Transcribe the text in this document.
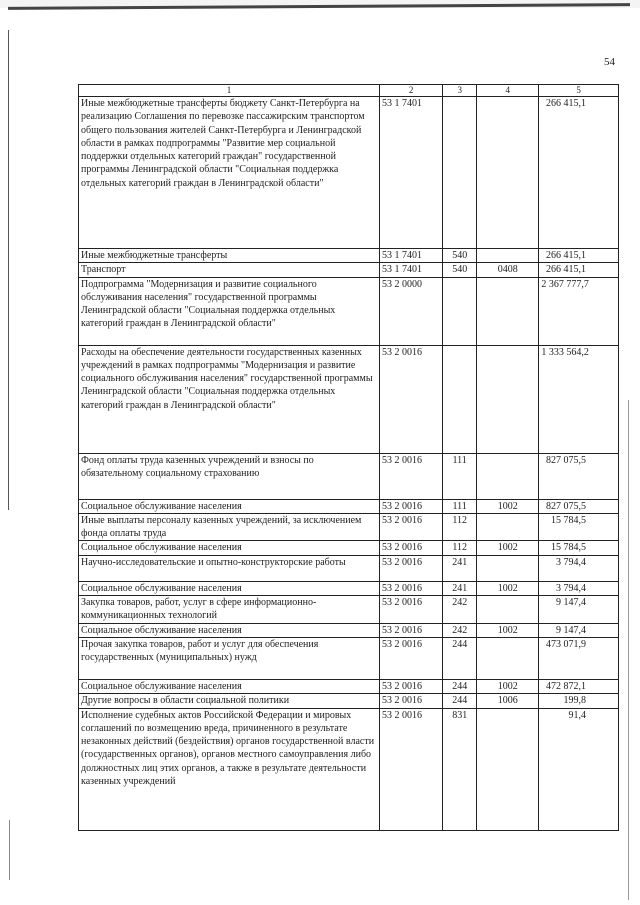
54
1	2	3	4	5
Иные межбюджетные трансферты бюджету Санкт-Петербурга на реализацию Соглашения по перевозке пассажирским транспортом общего пользования жителей Санкт-Петербурга и Ленинградской области в рамках подпрограммы "Развитие мер социальной поддержки отдельных категорий граждан" государственной программы Ленинградской области "Социальная поддержка отдельных категорий граждан в Ленинградской области"	53 1 7401			266 415,1
Иные межбюджетные трансферты	53 1 7401	540		266 415,1
Транспорт	53 1 7401	540	0408	266 415,1
Подпрограмма "Модернизация и развитие социального обслуживания населения" государственной программы Ленинградской области "Социальная поддержка отдельных категорий граждан в Ленинградской области"	53 2 0000			2 367 777,7
Расходы на обеспечение деятельности государственных казенных учреждений в рамках подпрограммы "Модернизация и развитие социального обслуживания населения" государственной программы Ленинградской области "Социальная поддержка отдельных категорий граждан в Ленинградской области"	53 2 0016			1 333 564,2
Фонд оплаты труда казенных учреждений и взносы по обязательному социальному страхованию	53 2 0016	111		827 075,5
Социальное обслуживание населения	53 2 0016	111	1002	827 075,5
Иные выплаты персоналу казенных учреждений, за исключением фонда оплаты труда	53 2 0016	112		15 784,5
Социальное обслуживание населения	53 2 0016	112	1002	15 784,5
Научно-исследовательские и опытно-конструкторские работы	53 2 0016	241		3 794,4
Социальное обслуживание населения	53 2 0016	241	1002	3 794,4
Закупка товаров, работ, услуг в сфере информационно-коммуникационных технологий	53 2 0016	242		9 147,4
Социальное обслуживание населения	53 2 0016	242	1002	9 147,4
Прочая закупка товаров, работ и услуг для обеспечения государственных (муниципальных) нужд	53 2 0016	244		473 071,9
Социальное обслуживание населения	53 2 0016	244	1002	472 872,1
Другие вопросы в области социальной политики	53 2 0016	244	1006	199,8
Исполнение судебных актов Российской Федерации и мировых соглашений по возмещению вреда, причиненного в результате незаконных действий (бездействия) органов государственной власти (государственных органов), органов местного самоуправления либо должностных лиц этих органов, а также в результате деятельности казенных учреждений	53 2 0016	831		91,4
